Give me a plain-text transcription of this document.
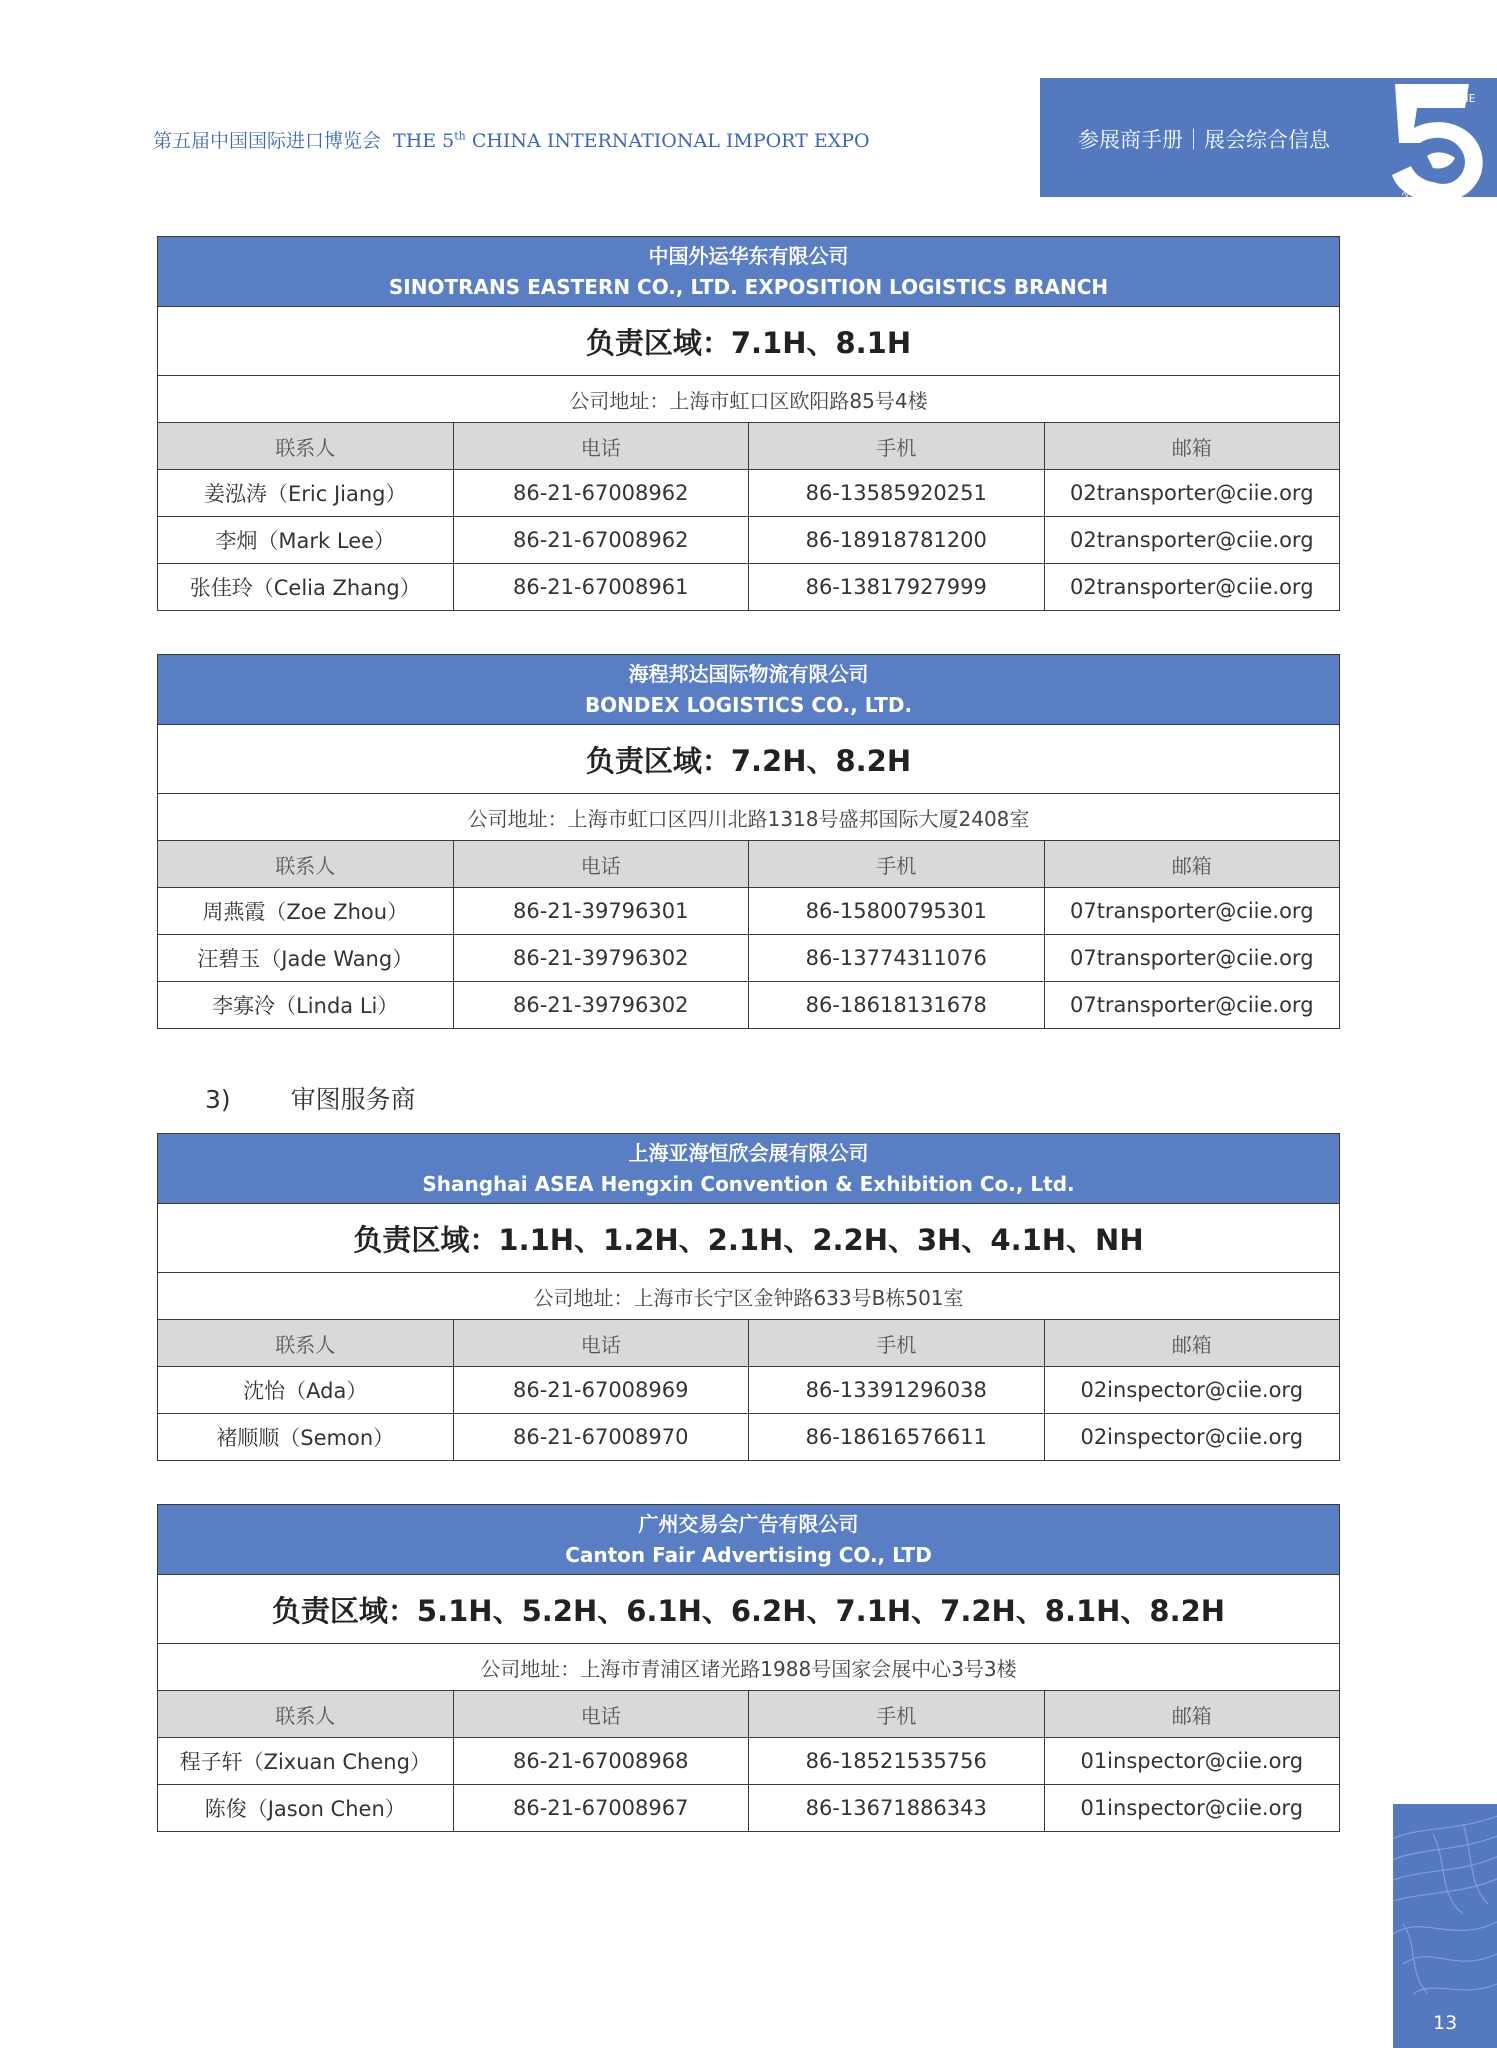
第五届中国国际进口博览会 THE 5th CHINA INTERNATIONAL IMPORT EXPO	参展商手册｜展会综合信息
CIIE
2022
中国外运华东有限公司
SINOTRANS EASTERN CO., LTD. EXPOSITION LOGISTICS BRANCH			

负责区域：7.1H、8.1H			
公司地址：上海市虹口区欧阳路85号4楼			
联系人	电话	手机	邮箱
姜泓涛（Eric Jiang）	86-21-67008962	86-13585920251	02transporter@ciie.org
李炯（Mark Lee）	86-21-67008962	86-18918781200	02transporter@ciie.org
张佳玲（Celia Zhang）	86-21-67008961	86-13817927999	02transporter@ciie.org
海程邦达国际物流有限公司
BONDEX LOGISTICS CO., LTD.			

负责区域：7.2H、8.2H			
公司地址：上海市虹口区四川北路1318号盛邦国际大厦2408室			
联系人	电话	手机	邮箱
周燕霞（Zoe Zhou）	86-21-39796301	86-15800795301	07transporter@ciie.org
汪碧玉（Jade Wang）	86-21-39796302	86-13774311076	07transporter@ciie.org
李寡泠（Linda Li）	86-21-39796302	86-18618131678	07transporter@ciie.org
3) 审图服务商
上海亚海恒欣会展有限公司
Shanghai ASEA Hengxin Convention & Exhibition Co., Ltd.			

负责区域：1.1H、1.2H、2.1H、2.2H、3H、4.1H、NH			
公司地址：上海市长宁区金钟路633号B栋501室			
联系人	电话	手机	邮箱
沈怡（Ada）	86-21-67008969	86-13391296038	02inspector@ciie.org
褚顺顺（Semon）	86-21-67008970	86-18616576611	02inspector@ciie.org
广州交易会广告有限公司
Canton Fair Advertising CO., LTD			

负责区域：5.1H、5.2H、6.1H、6.2H、7.1H、7.2H、8.1H、8.2H			
公司地址：上海市青浦区诸光路1988号国家会展中心3号3楼			
联系人	电话	手机	邮箱
程子轩（Zixuan Cheng）	86-21-67008968	86-18521535756	01inspector@ciie.org
陈俊（Jason Chen）	86-21-67008967	86-13671886343	01inspector@ciie.org
13
